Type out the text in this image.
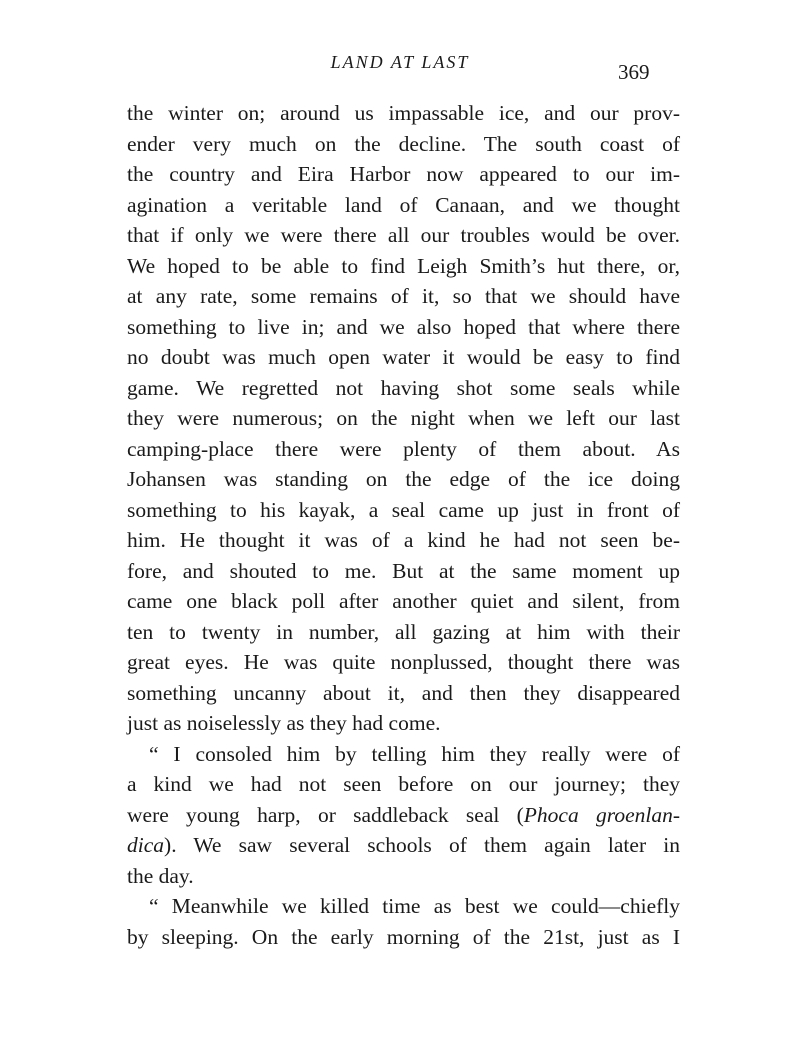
LAND AT LAST	369
the winter on; around us impassable ice, and our prov-
ender very much on the decline. The south coast of
the country and Eira Harbor now appeared to our im-
agination a veritable land of Canaan, and we thought
that if only we were there all our troubles would be over.
We hoped to be able to find Leigh Smith’s hut there, or,
at any rate, some remains of it, so that we should have
something to live in; and we also hoped that where there
no doubt was much open water it would be easy to find
game. We regretted not having shot some seals while
they were numerous; on the night when we left our last
camping-place there were plenty of them about. As
Johansen was standing on the edge of the ice doing
something to his kayak, a seal came up just in front of
him. He thought it was of a kind he had not seen be-
fore, and shouted to me. But at the same moment up
came one black poll after another quiet and silent, from
ten to twenty in number, all gazing at him with their
great eyes. He was quite nonplussed, thought there was
something uncanny about it, and then they disappeared
just as noiselessly as they had come.
“ I consoled him by telling him they really were of
a kind we had not seen before on our journey; they
were young harp, or saddleback seal (Phoca groenlan-
dica). We saw several schools of them again later in
the day.
“ Meanwhile we killed time as best we could—chiefly
by sleeping. On the early morning of the 21st, just as I
